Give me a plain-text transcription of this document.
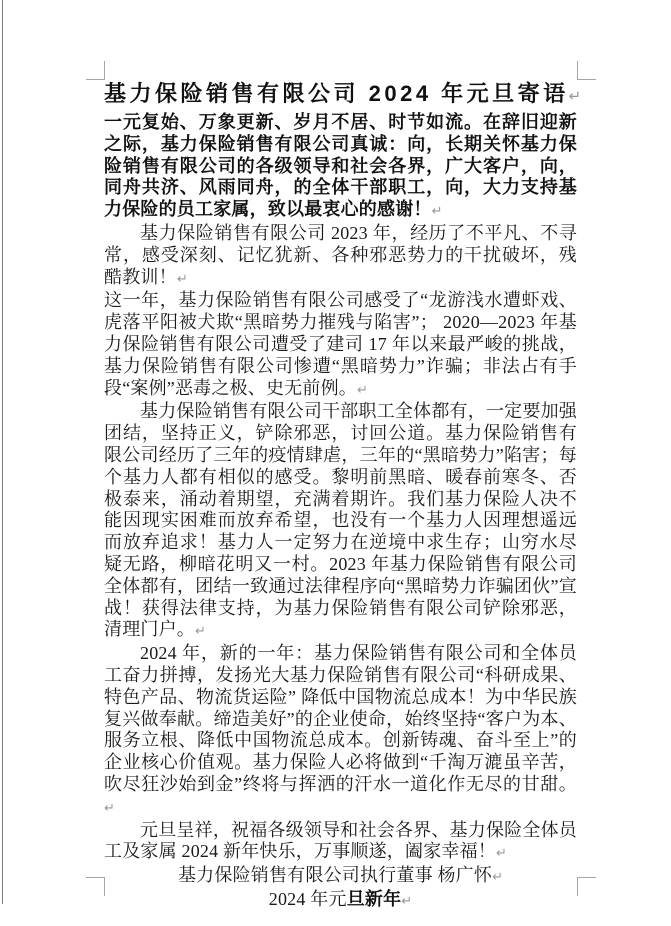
基力保险销售有限公司 2024 年元旦寄语↵

一元复始、万象更新、岁月不居、时节如流。在辞旧迎新之际，基力保险销售有限公司真诚：向，长期关怀基力保险销售有限公司的各级领导和社会各界，广大客户，向，同舟共济、风雨同舟，的全体干部职工，向，大力支持基力保险的员工家属，致以最衷心的感谢！↵

基力保险销售有限公司 2023 年，经历了不平凡、不寻常，感受深刻、记忆犹新、各种邪恶势力的干扰破坏，残酷教训！↵

这一年，基力保险销售有限公司感受了“龙游浅水遭虾戏、虎落平阳被犬欺“黑暗势力摧残与陷害”； 2020—2023 年基力保险销售有限公司遭受了建司 17 年以来最严峻的挑战，基力保险销售有限公司惨遭“黑暗势力”诈骗；非法占有手段“案例”恶毒之极、史无前例。↵

基力保险销售有限公司干部职工全体都有，一定要加强团结，坚持正义，铲除邪恶，讨回公道。基力保险销售有限公司经历了三年的疫情肆虐，三年的“黑暗势力”陷害；每个基力人都有相似的感受。黎明前黑暗、暖春前寒冬、否极泰来，涌动着期望，充满着期许。我们基力保险人决不能因现实困难而放弃希望，也没有一个基力人因理想遥远而放弃追求！基力人一定努力在逆境中求生存；山穷水尽疑无路，柳暗花明又一村。2023 年基力保险销售有限公司全体都有，团结一致通过法律程序向“黑暗势力诈骗团伙”宣战！获得法律支持，为基力保险销售有限公司铲除邪恶，清理门户。↵

2024 年，新的一年：基力保险销售有限公司和全体员工奋力拼搏，发扬光大基力保险销售有限公司“科研成果、特色产品、物流货运险” 降低中国物流总成本！为中华民族复兴做奉献。缔造美好”的企业使命，始终坚持“客户为本、服务立根、降低中国物流总成本。创新铸魂、奋斗至上”的企业核心价值观。基力保险人必将做到“千淘万漉虽辛苦，吹尽狂沙始到金”终将与挥洒的汗水一道化作无尽的甘甜。↵

元旦呈祥，祝福各级领导和社会各界、基力保险全体员工及家属 2024 新年快乐，万事顺遂，阖家幸福！↵

基力保险销售有限公司执行董事 杨广怀↵

2024 年元旦新年↵
